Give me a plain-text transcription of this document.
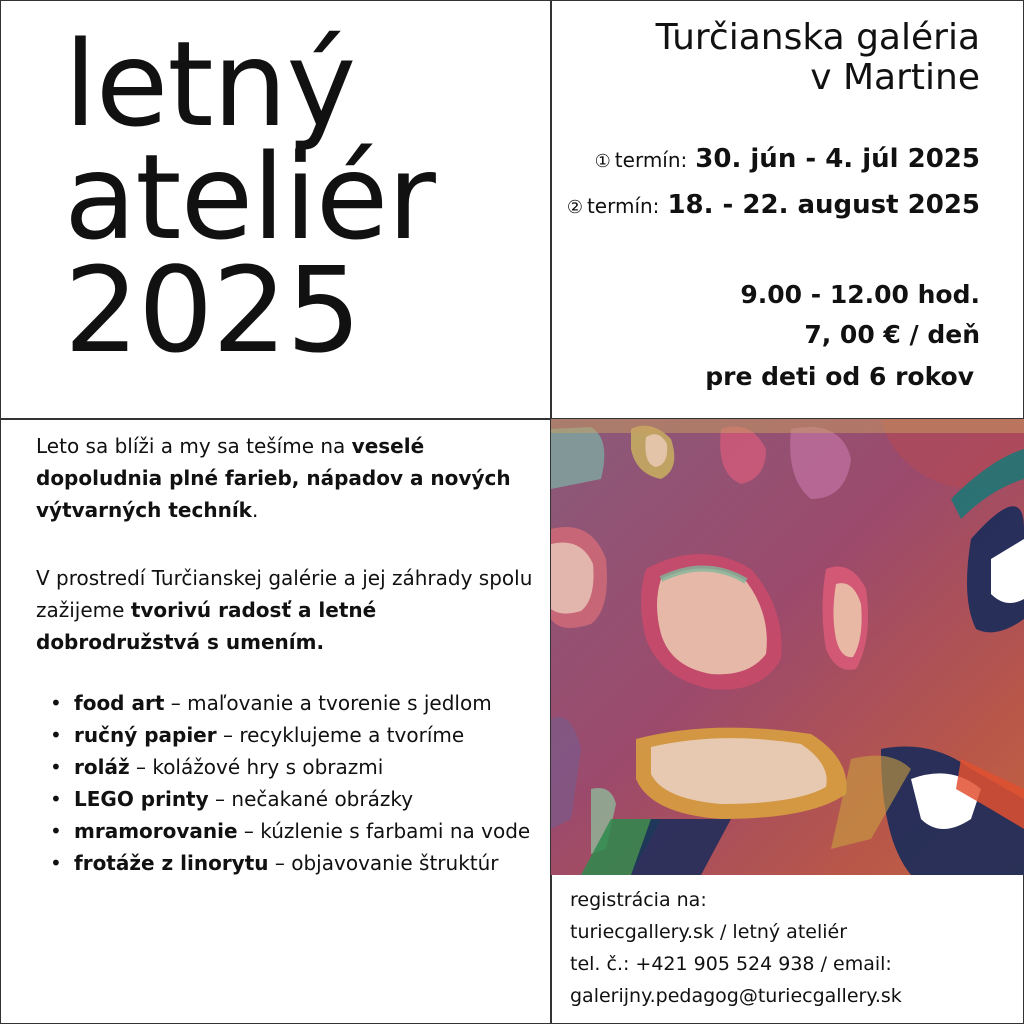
letný
ateliér
2025
Turčianska galéria
v Martine
① termín: 30. jún - 4. júl 2025
② termín: 18. - 22. august 2025
9.00 - 12.00 hod.
7, 00 € / deň
pre deti od 6 rokov

Leto sa blíži a my sa tešíme na veselé dopoludnia plné farieb, nápadov a nových výtvarných techník.

V prostredí Turčianskej galérie a jej záhrady spolu zažijeme tvorivú radosť a letné dobrodružstvá s umením.

• food art – maľovanie a tvorenie s jedlom
• ručný papier – recyklujeme a tvoríme
• roláž – kolážové hry s obrazmi
• LEGO printy – nečakané obrázky
• mramorovanie – kúzlenie s farbami na vode
• frotáže z linorytu – objavovanie štruktúr
registrácia na:
turiecgallery.sk / letný ateliér
tel. č.: +421 905 524 938 / email:
galerijny.pedagog@turiecgallery.sk
